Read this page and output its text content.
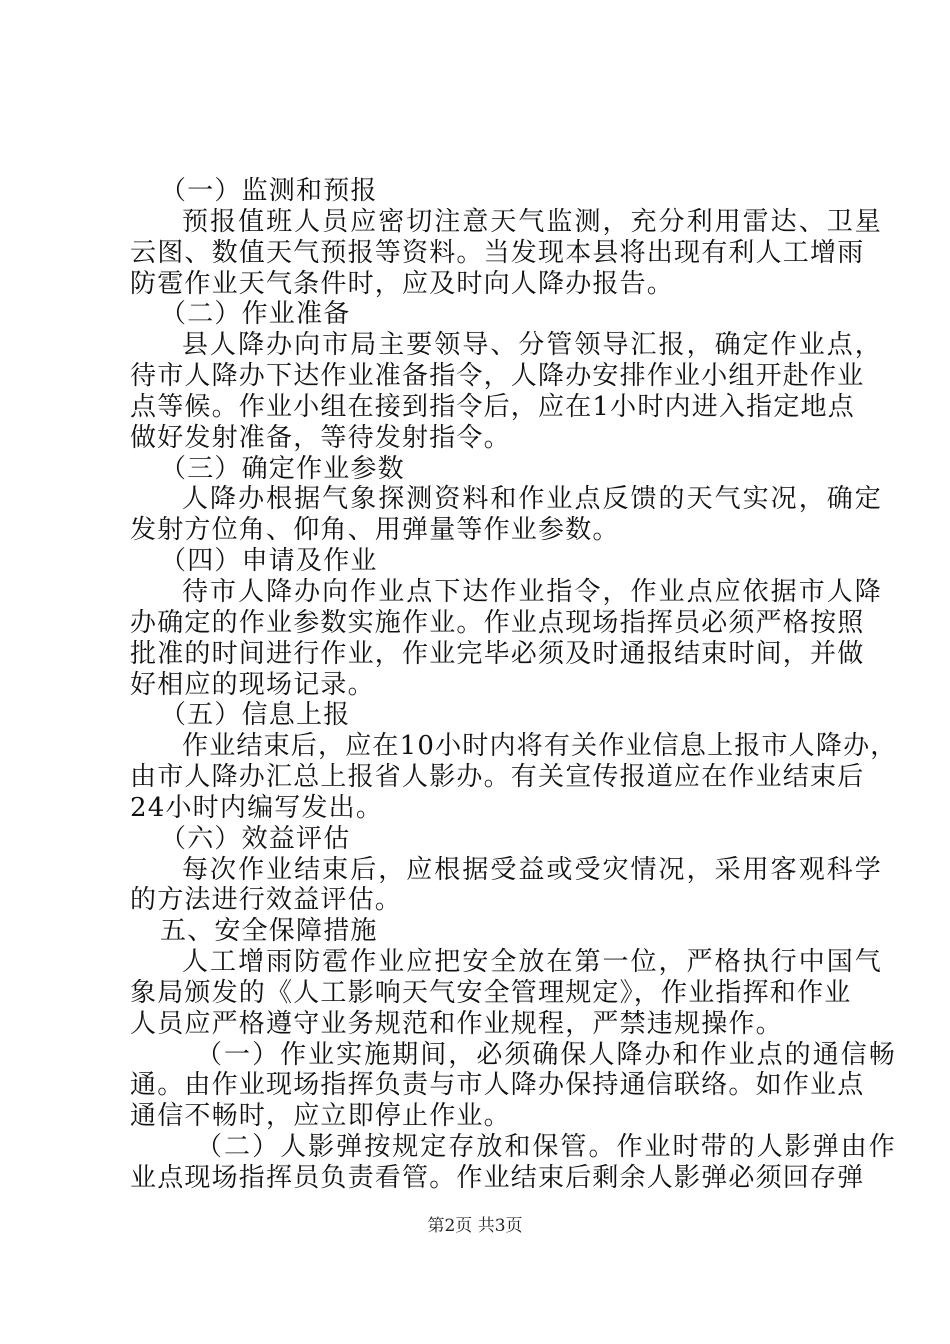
（一）监测和预报
预报值班人员应密切注意天气监测，充分利用雷达、卫星
云图、数值天气预报等资料。当发现本县将出现有利人工增雨
防雹作业天气条件时，应及时向人降办报告。
（二）作业准备
县人降办向市局主要领导、分管领导汇报，确定作业点，
待市人降办下达作业准备指令，人降办安排作业小组开赴作业
点等候。作业小组在接到指令后，应在1小时内进入指定地点
做好发射准备，等待发射指令。
（三）确定作业参数
人降办根据气象探测资料和作业点反馈的天气实况，确定
发射方位角、仰角、用弹量等作业参数。
（四）申请及作业
待市人降办向作业点下达作业指令，作业点应依据市人降
办确定的作业参数实施作业。作业点现场指挥员必须严格按照
批准的时间进行作业，作业完毕必须及时通报结束时间，并做
好相应的现场记录。
（五）信息上报
作业结束后，应在10小时内将有关作业信息上报市人降办，
由市人降办汇总上报省人影办。有关宣传报道应在作业结束后
24小时内编写发出。
（六）效益评估
每次作业结束后，应根据受益或受灾情况，采用客观科学
的方法进行效益评估。
五、安全保障措施
人工增雨防雹作业应把安全放在第一位，严格执行中国气
象局颁发的《人工影响天气安全管理规定》，作业指挥和作业
人员应严格遵守业务规范和作业规程，严禁违规操作。
（一）作业实施期间，必须确保人降办和作业点的通信畅
通。由作业现场指挥负责与市人降办保持通信联络。如作业点
通信不畅时，应立即停止作业。
（二）人影弹按规定存放和保管。作业时带的人影弹由作
业点现场指挥员负责看管。作业结束后剩余人影弹必须回存弹
第2页 共3页
